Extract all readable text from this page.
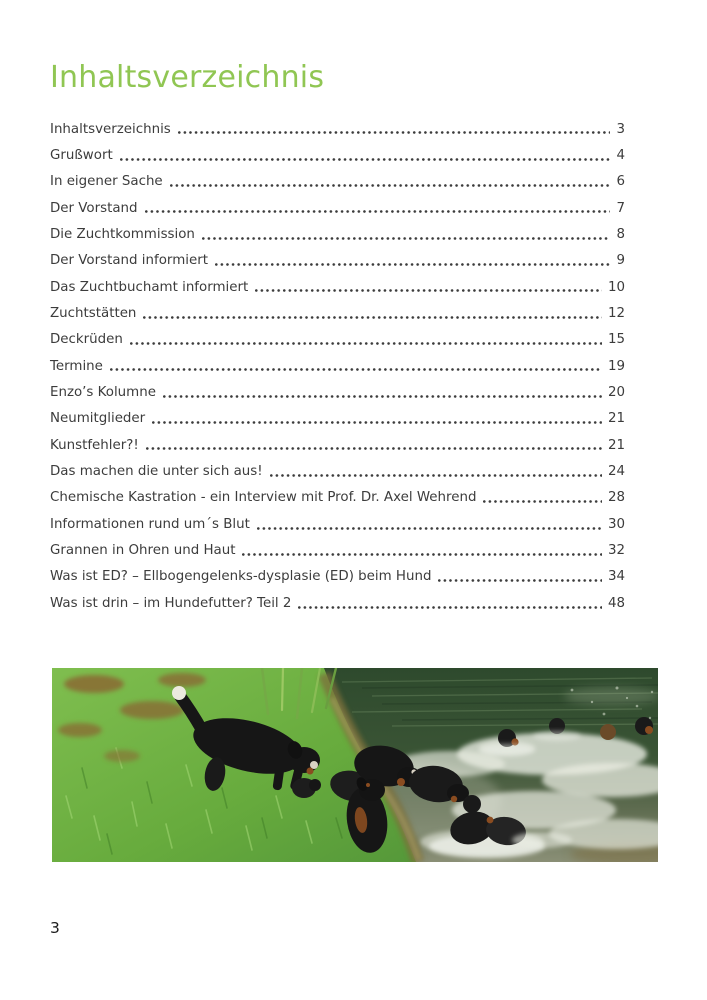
Inhaltsverzeichnis
Inhaltsverzeichnis	3
Grußwort	4
In eigener Sache	6
Der Vorstand	7
Die Zuchtkommission	8
Der Vorstand informiert	9
Das Zuchtbuchamt informiert	10
Zuchtstätten	12
Deckrüden	15
Termine	19
Enzo’s Kolumne	20
Neumitglieder	21
Kunstfehler?!	21
Das machen die unter sich aus!	24
Chemische Kastration - ein Interview mit Prof. Dr. Axel Wehrend	28
Informationen rund um´s Blut	30
Grannen in Ohren und Haut	32
Was ist ED? – Ellbogengelenks-dysplasie (ED) beim Hund	34
Was ist drin – im Hundefutter? Teil 2	48
3
